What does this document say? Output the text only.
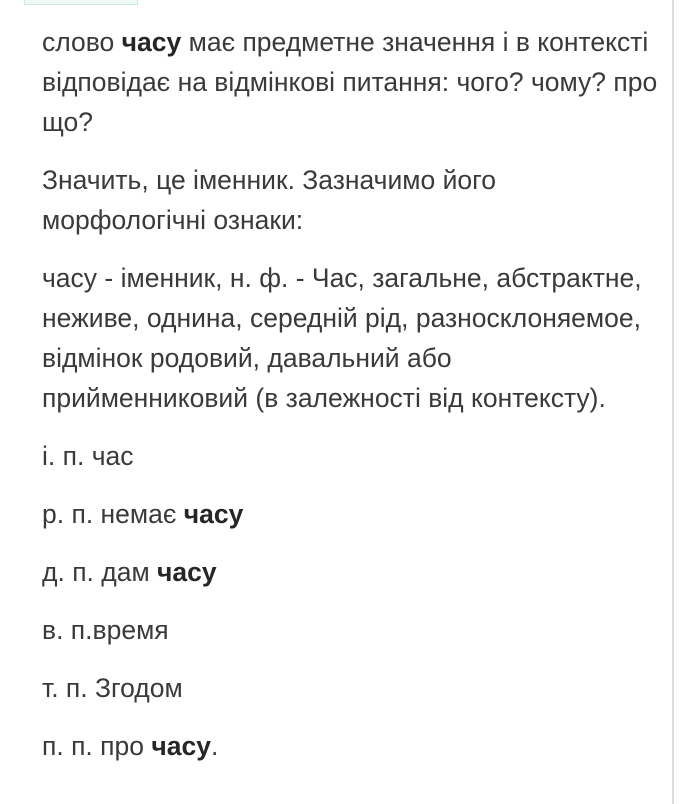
слово часу має предметне значення і в контексті відповідає на відмінкові питання: чого? чому? про що?

Значить, це іменник. Зазначимо його морфологічні ознаки:

часу - іменник, н. ф. - Час, загальне, абстрактне, неживе, однина, середній рід, разносклоняемое, відмінок родовий, давальний або прийменниковий (в залежності від контексту).

і. п. час

р. п. немає часу

д. п. дам часу

в. п.время

т. п. Згодом

п. п. про часу.
